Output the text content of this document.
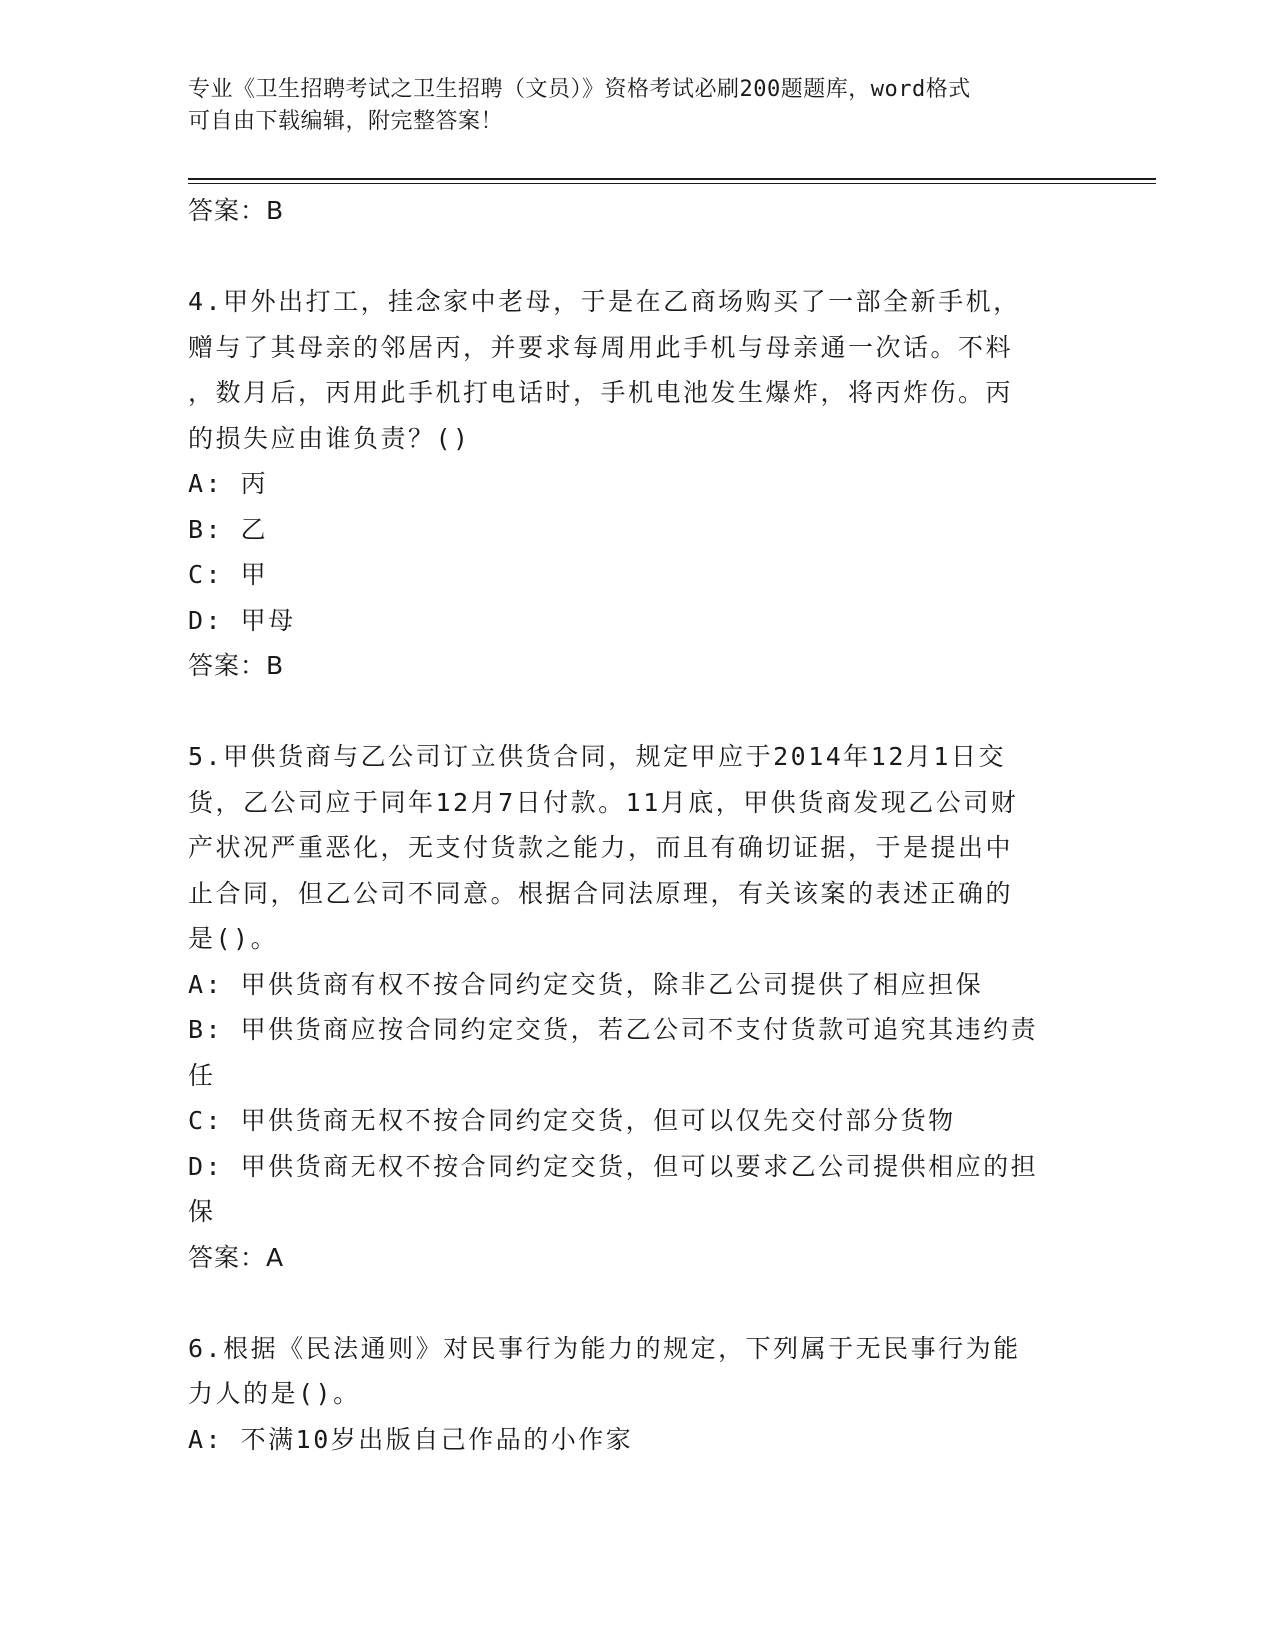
专业《卫生招聘考试之卫生招聘（文员）》资格考试必刷200题题库，word格式
可自由下载编辑，附完整答案！

答案：B

4.甲外出打工，挂念家中老母，于是在乙商场购买了一部全新手机，

赠与了其母亲的邻居丙，并要求每周用此手机与母亲通一次话。不料

，数月后，丙用此手机打电话时，手机电池发生爆炸，将丙炸伤。丙

的损失应由谁负责？()

A: 丙

B: 乙

C: 甲

D: 甲母

答案：B

5.甲供货商与乙公司订立供货合同，规定甲应于2014年12月1日交

货，乙公司应于同年12月7日付款。11月底，甲供货商发现乙公司财

产状况严重恶化，无支付货款之能力，而且有确切证据，于是提出中

止合同，但乙公司不同意。根据合同法原理，有关该案的表述正确的

是()。

A: 甲供货商有权不按合同约定交货，除非乙公司提供了相应担保

B: 甲供货商应按合同约定交货，若乙公司不支付货款可追究其违约责

任

C: 甲供货商无权不按合同约定交货，但可以仅先交付部分货物

D: 甲供货商无权不按合同约定交货，但可以要求乙公司提供相应的担

保

答案：A

6.根据《民法通则》对民事行为能力的规定，下列属于无民事行为能

力人的是()。

A: 不满10岁出版自己作品的小作家
